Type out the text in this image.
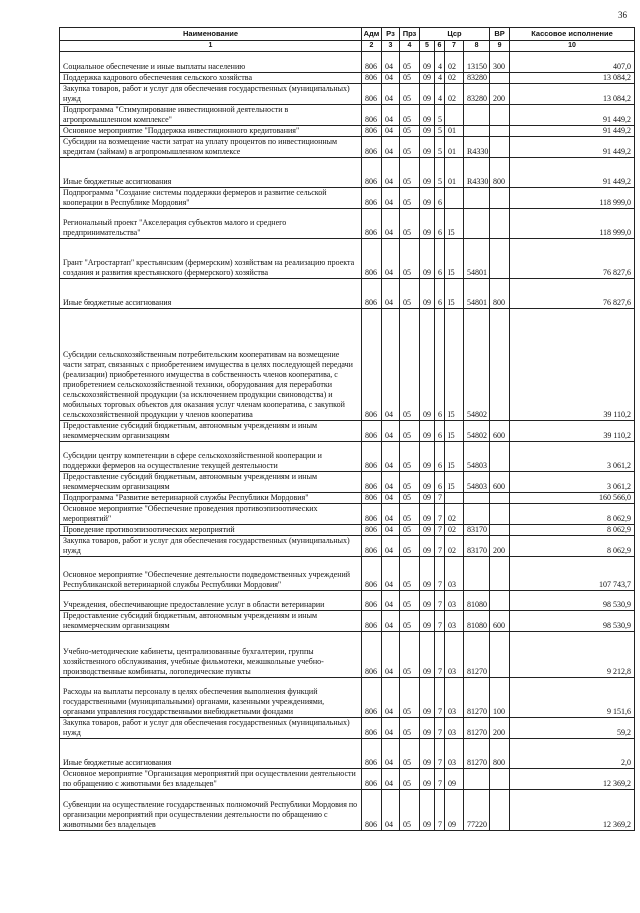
36
Наименование	Адм	Рз	Прз	Цср				ВР	Кассовое исполнение
1	2	3	4	5	6	7	8	9	10
Социальное обеспечение и иные выплаты населению	806	04	05	09	4	02	13150	300	407,0
Поддержка кадрового обеспечения сельского хозяйства	806	04	05	09	4	02	83280		13 084,2
Закупка товаров, работ и услуг для обеспечения государственных (муниципальных) нужд	806	04	05	09	4	02	83280	200	13 084,2
Подпрограмма "Стимулирование инвестиционной деятельности в агропромышленном комплексе"	806	04	05	09	5				91 449,2
Основное мероприятие "Поддержка инвестиционного кредитования"	806	04	05	09	5	01			91 449,2
Субсидии на возмещение части затрат на уплату процентов по инвестиционным кредитам (займам) в агропромышленном комплексе	806	04	05	09	5	01	R4330		91 449,2
Иные бюджетные ассигнования	806	04	05	09	5	01	R4330	800	91 449,2
Подпрограмма "Создание системы поддержки фермеров и развитие сельской кооперации в Республике Мордовия"	806	04	05	09	6				118 999,0
Региональный проект "Акселерация субъектов малого и среднего предпринимательства"	806	04	05	09	6	I5			118 999,0
Грант "Агростартап" крестьянским (фермерским) хозяйствам на реализацию проекта создания и развития крестьянского (фермерского) хозяйства	806	04	05	09	6	I5	54801		76 827,6
Иные бюджетные ассигнования	806	04	05	09	6	I5	54801	800	76 827,6
Субсидии сельскохозяйственным потребительским кооперативам на возмещение части затрат, связанных с приобретением имущества в целях последующей передачи (реализации) приобретенного имущества в собственность членов кооператива, с приобретением сельскохозяйственной техники, оборудования для переработки сельскохозяйственной продукции (за исключением продукции свиноводства) и мобильных торговых объектов для оказания услуг членам кооператива, с закупкой сельскохозяйственной продукции у членов кооператива	806	04	05	09	6	I5	54802		39 110,2
Предоставление субсидий бюджетным, автономным учреждениям и иным некоммерческим организациям	806	04	05	09	6	I5	54802	600	39 110,2
Субсидии центру компетенции в сфере сельскохозяйственной кооперации и поддержки фермеров на осуществление текущей деятельности	806	04	05	09	6	I5	54803		3 061,2
Предоставление субсидий бюджетным, автономным учреждениям и иным некоммерческим организациям	806	04	05	09	6	I5	54803	600	3 061,2
Подпрограмма "Развитие ветеринарной службы Республики Мордовия"	806	04	05	09	7				160 566,0
Основное мероприятие "Обеспечение проведения противоэпизоотических мероприятий"	806	04	05	09	7	02			8 062,9
Проведение противоэпизоотических мероприятий	806	04	05	09	7	02	83170		8 062,9
Закупка товаров, работ и услуг для обеспечения государственных (муниципальных) нужд	806	04	05	09	7	02	83170	200	8 062,9
Основное мероприятие "Обеспечение деятельности подведомственных учреждений Республиканской ветеринарной службы Республики Мордовия"	806	04	05	09	7	03			107 743,7
Учреждения, обеспечивающие предоставление услуг в области ветеринарии	806	04	05	09	7	03	81080		98 530,9
Предоставление субсидий бюджетным, автономным учреждениям и иным некоммерческим организациям	806	04	05	09	7	03	81080	600	98 530,9
Учебно-методические кабинеты, централизованные бухгалтерии, группы хозяйственного обслуживания, учебные фильмотеки, межшкольные учебно-производственные комбинаты, логопедические пункты	806	04	05	09	7	03	81270		9 212,8
Расходы на выплаты персоналу в целях обеспечения выполнения функций государственными (муниципальными) органами, казенными учреждениями, органами управления государственными внебюджетными фондами	806	04	05	09	7	03	81270	100	9 151,6
Закупка товаров, работ и услуг для обеспечения государственных (муниципальных) нужд	806	04	05	09	7	03	81270	200	59,2
Иные бюджетные ассигнования	806	04	05	09	7	03	81270	800	2,0
Основное мероприятие "Организация мероприятий при осуществлении деятельности по обращению с животными без владельцев"	806	04	05	09	7	09			12 369,2
Субвенции на осуществление государственных полномочий Республики Мордовия по организации мероприятий при осуществлении деятельности по обращению с животными без владельцев	806	04	05	09	7	09	77220		12 369,2
